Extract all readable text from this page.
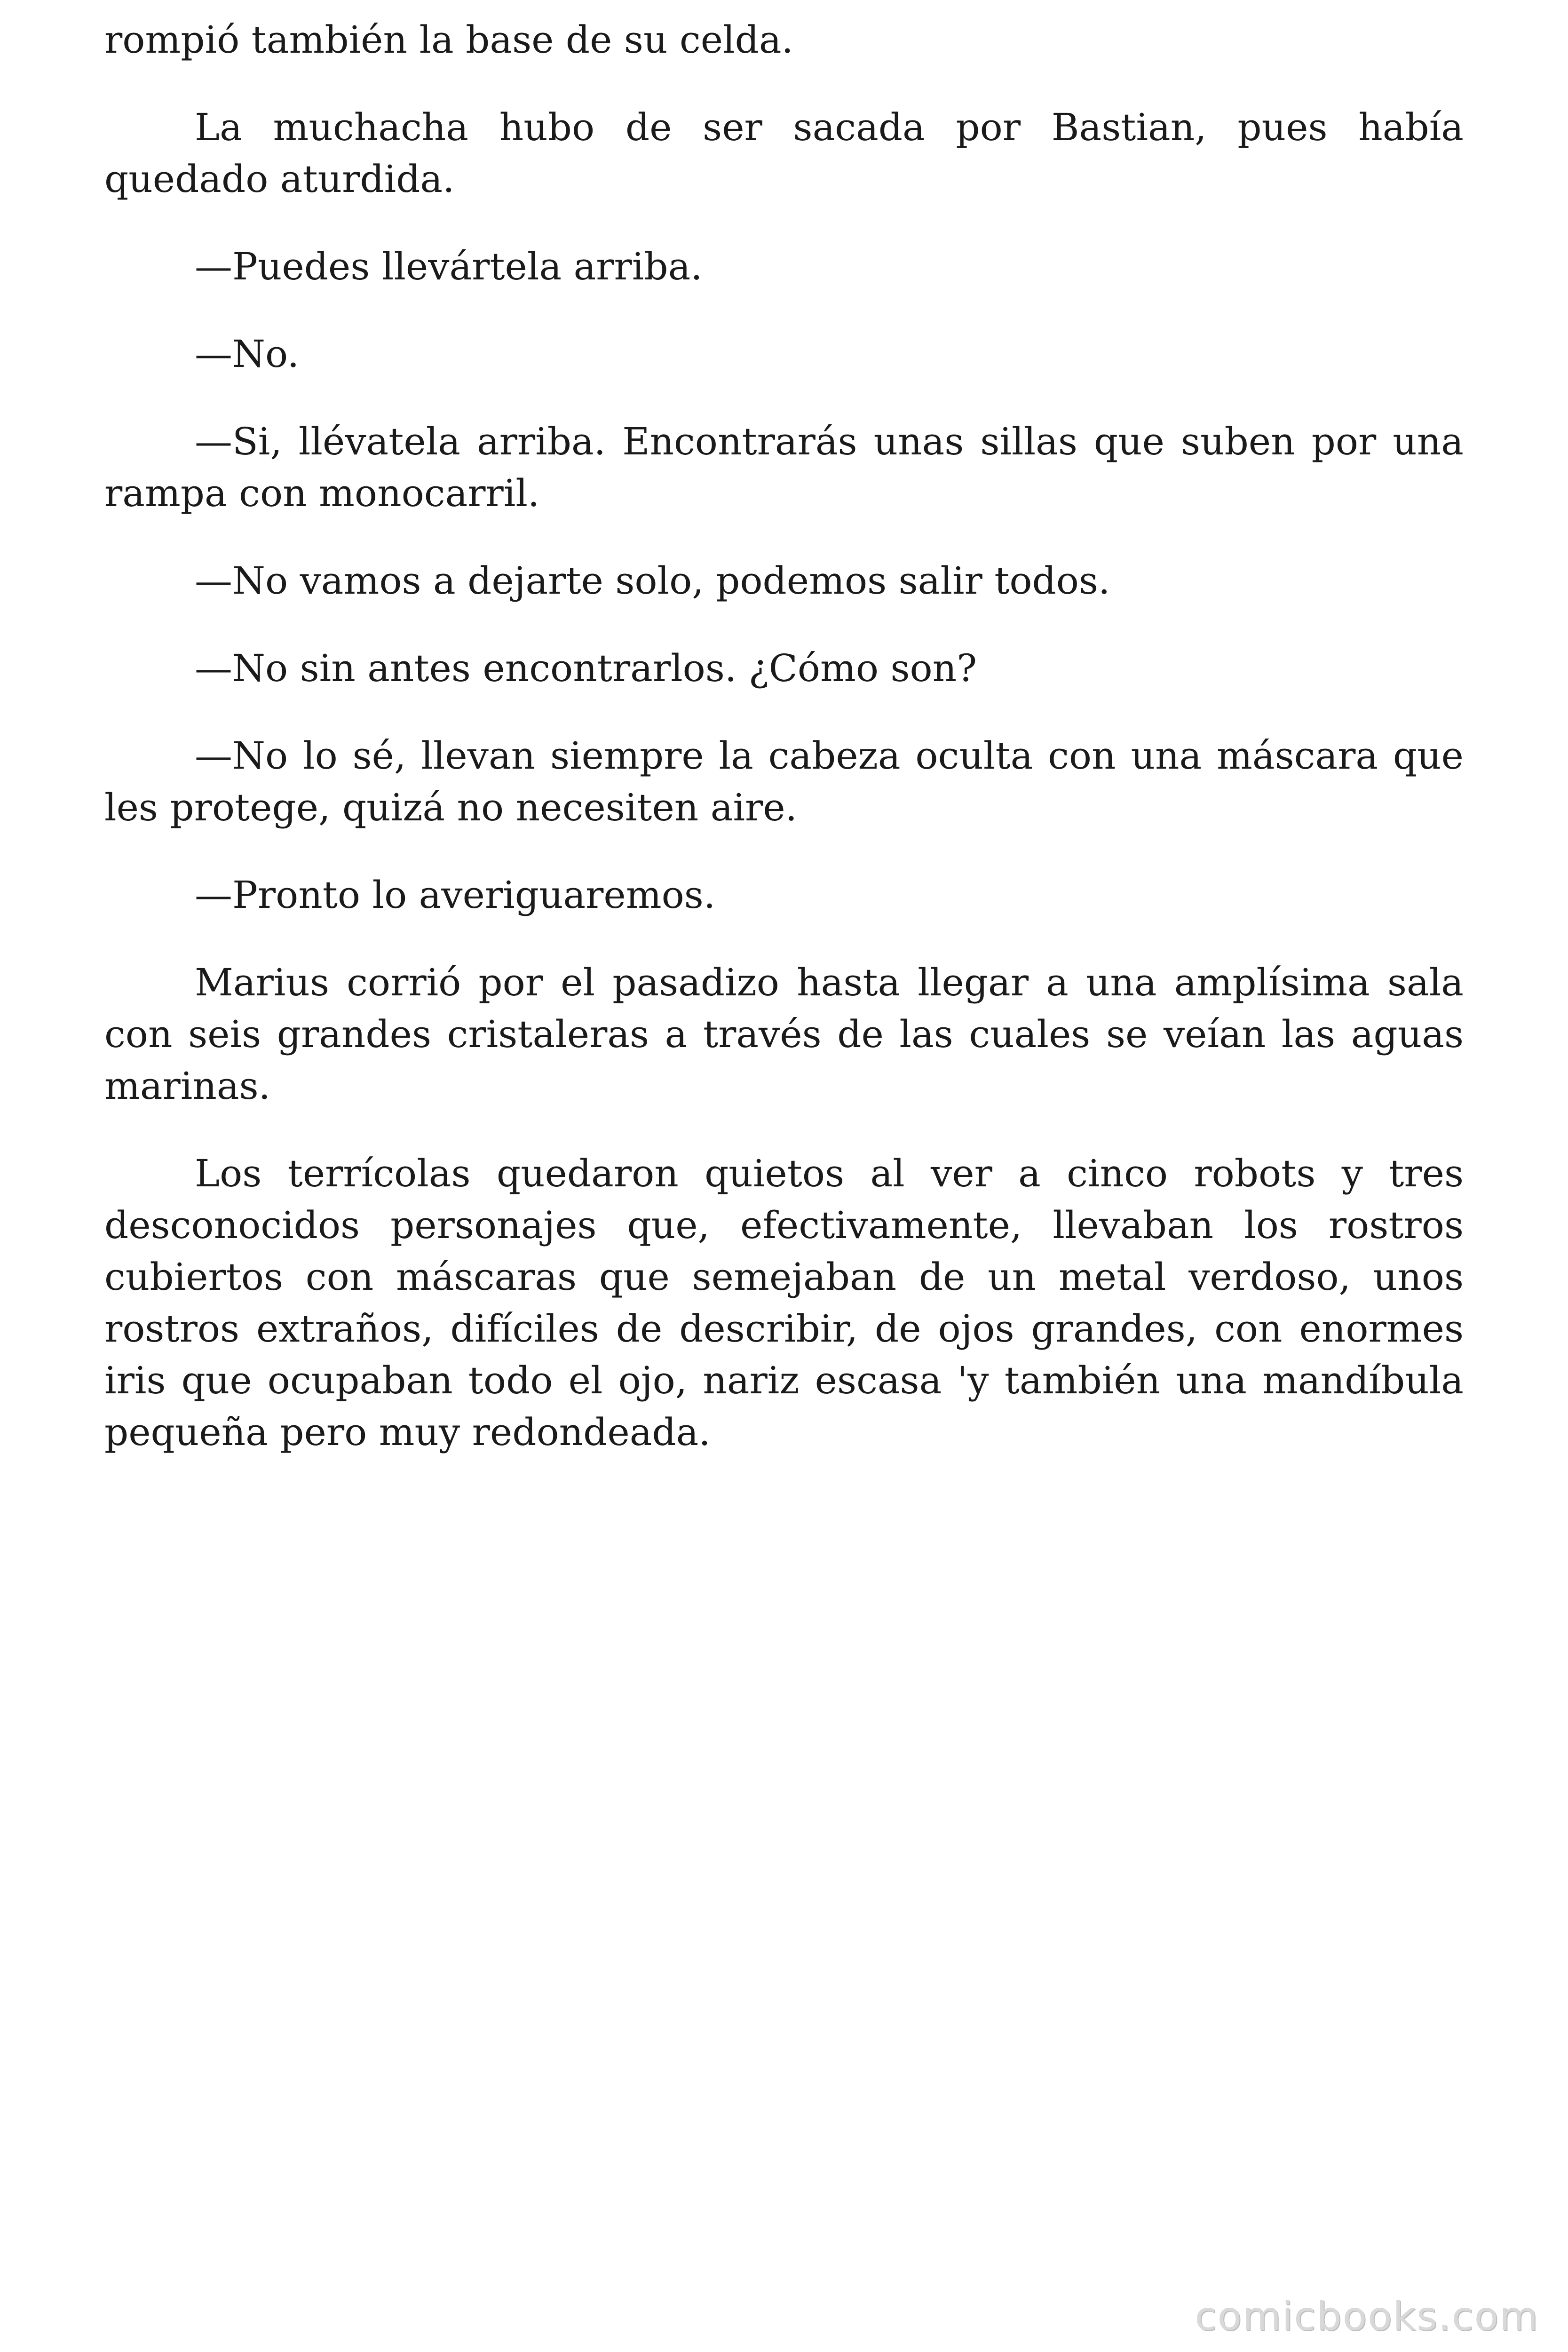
rompió también la base de su celda.

La muchacha hubo de ser sacada por Bastian, pues había quedado aturdida.

—Puedes llevártela arriba.

—No.

—Si, llévatela arriba. Encontrarás unas sillas que suben por una rampa con monocarril.

—No vamos a dejarte solo, podemos salir todos.

—No sin antes encontrarlos. ¿Cómo son?

—No lo sé, llevan siempre la cabeza oculta con una máscara que les protege, quizá no necesiten aire.

—Pronto lo averiguaremos.

Marius corrió por el pasadizo hasta llegar a una amplísima sala con seis grandes cristaleras a través de las cuales se veían las aguas marinas.

Los terrícolas quedaron quietos al ver a cinco robots y tres desconocidos personajes que, efectivamente, llevaban los rostros cubiertos con máscaras que semejaban de un metal verdoso, unos rostros extraños, difíciles de describir, de ojos grandes, con enormes iris que ocupaban todo el ojo, nariz escasa 'y también una mandíbula pequeña pero muy redondeada.

comicbooks.com
